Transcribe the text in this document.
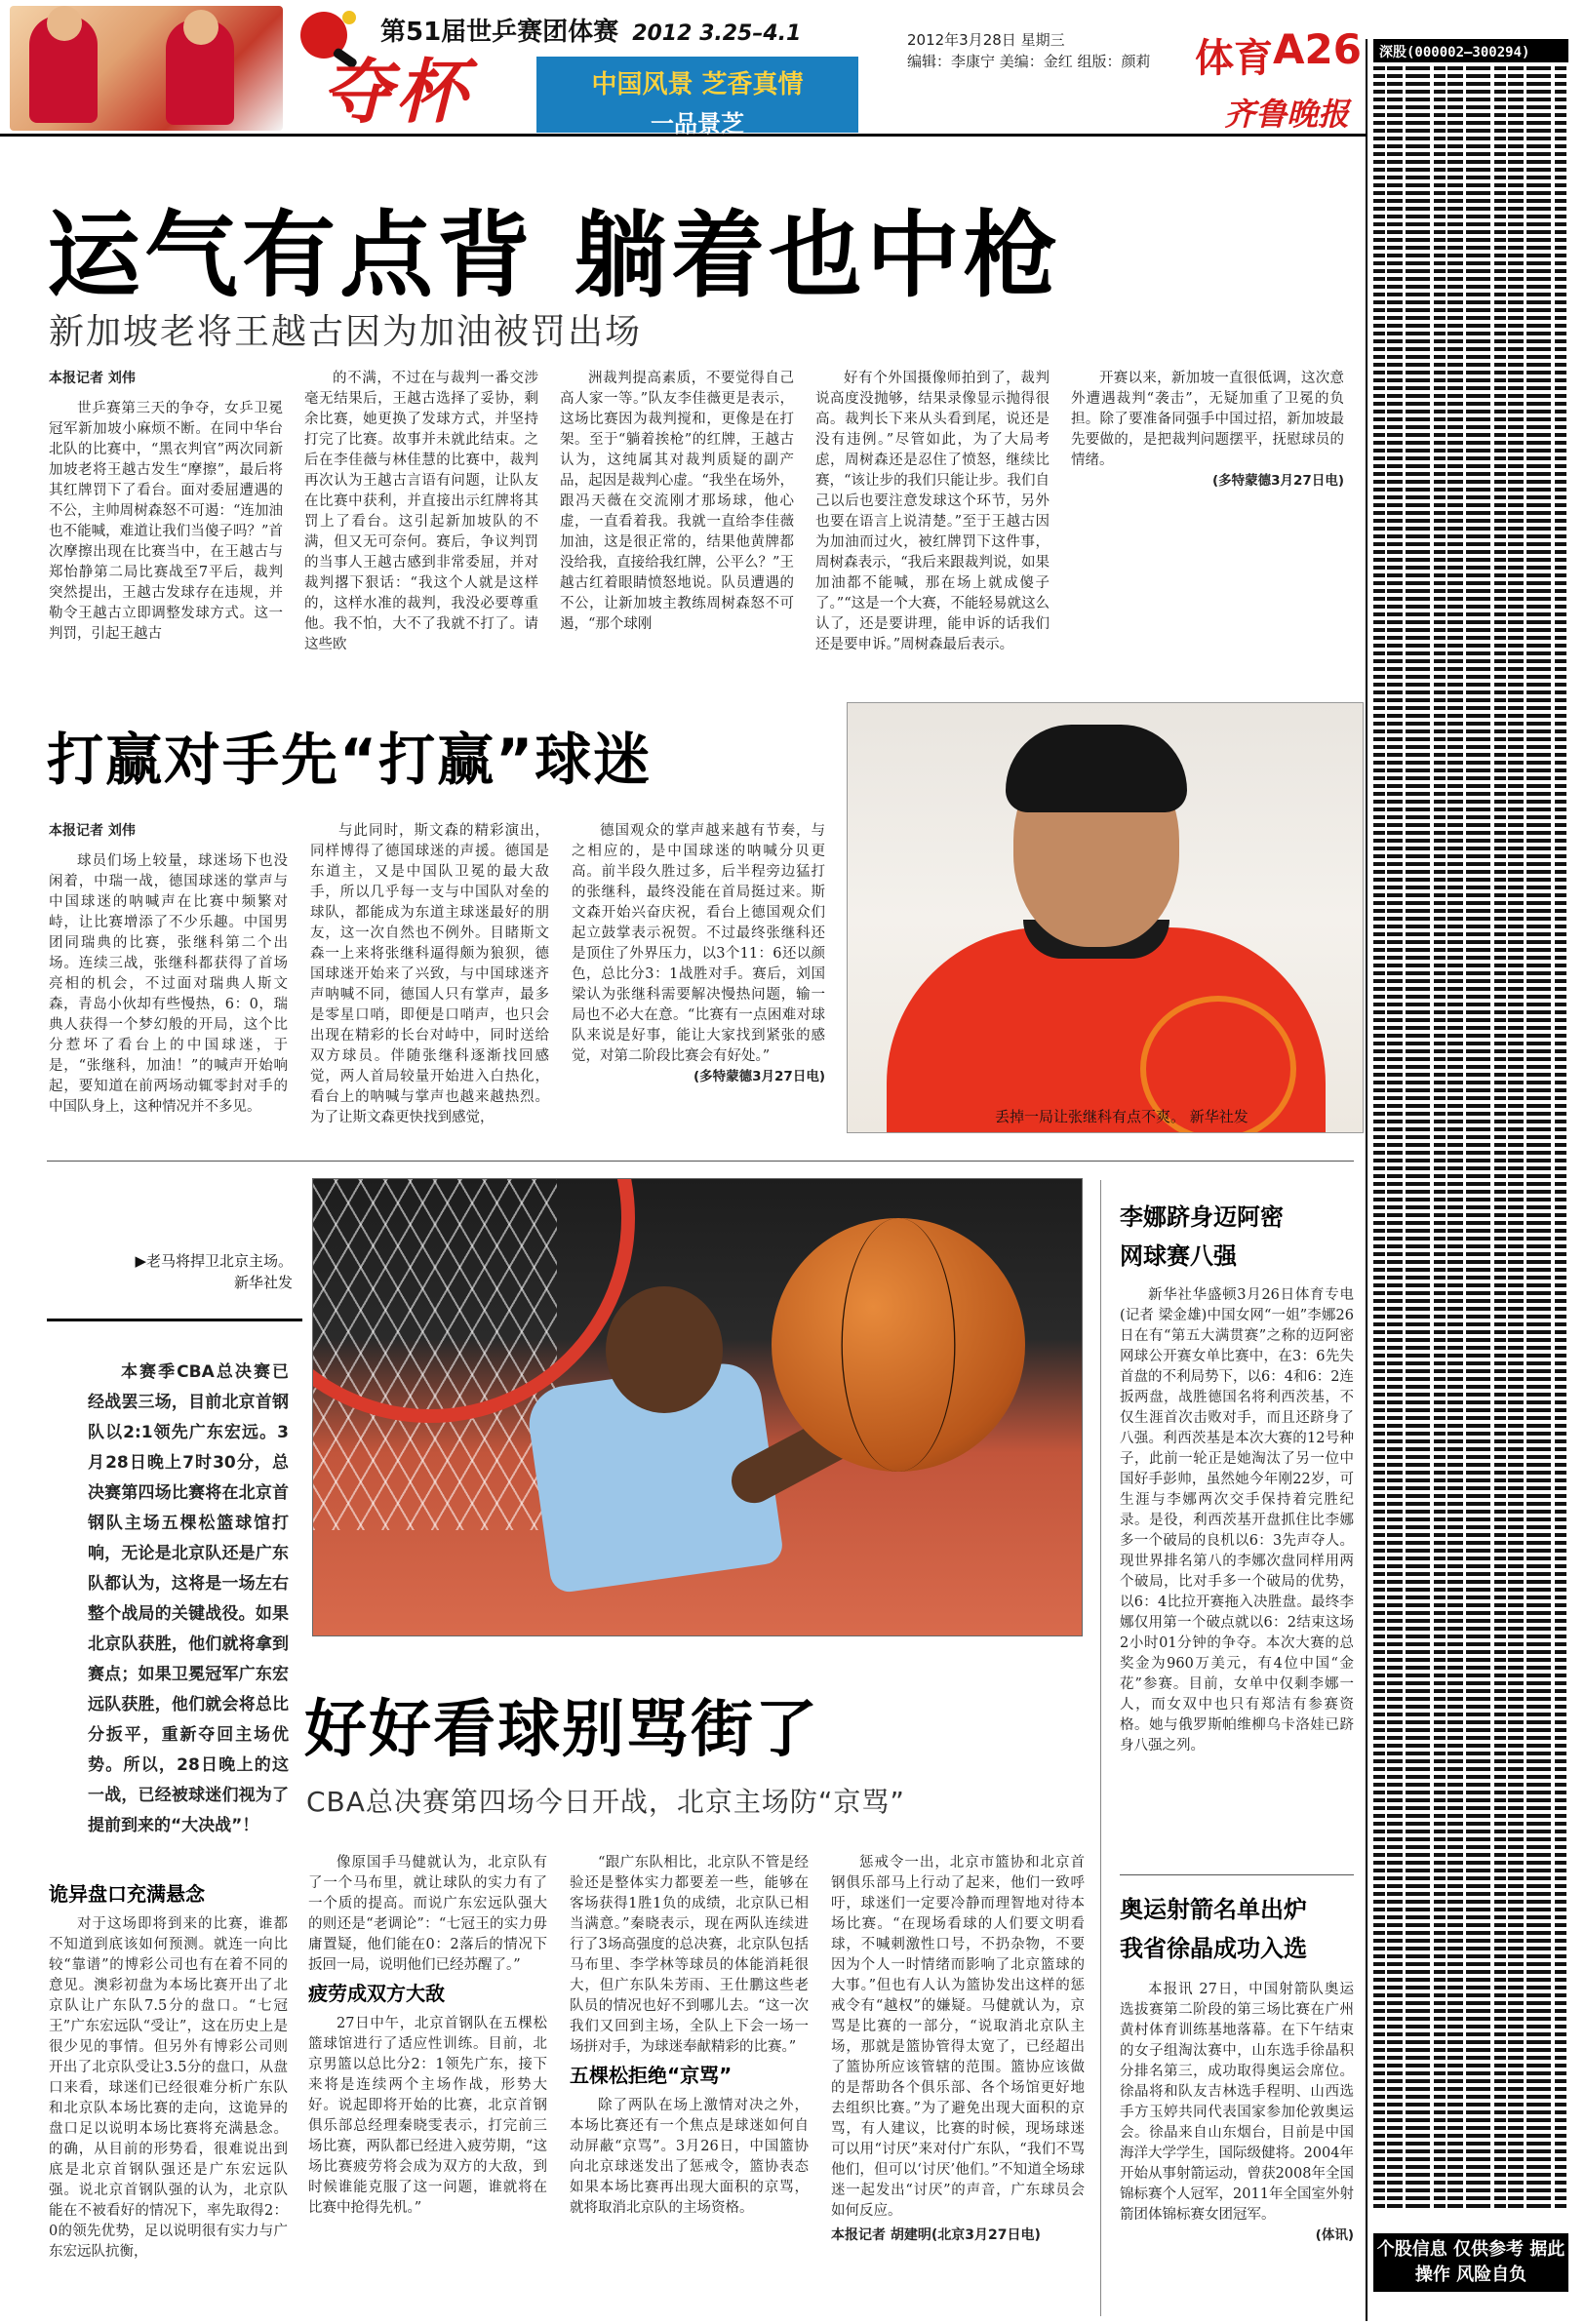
第51届世乒赛团体赛 2012 3.25–4.1
夺杯	中国风景 芝香真情
一品景芝
2012年3月28日 星期三
编辑：李康宁 美编：金红 组版：颜莉 体育 A26
齐鲁晚报
深股(000002–300294)
个股信息 仅供参考 据此操作 风险自负
运气有点背 躺着也中枪
新加坡老将王越古因为加油被罚出场
本报记者 刘伟

世乒赛第三天的争夺，女乒卫冕冠军新加坡小麻烦不断。在同中华台北队的比赛中，“黑衣判官”两次同新加坡老将王越古发生“摩擦”，最后将其红牌罚下了看台。面对委屈遭遇的不公，主帅周树森怒不可遏：“连加油也不能喊，难道让我们当傻子吗？”首次摩擦出现在比赛当中，在王越古与郑怡静第二局比赛战至7平后，裁判突然提出，王越古发球存在违规，并勒令王越古立即调整发球方式。这一判罚，引起王越古

的不满，不过在与裁判一番交涉毫无结果后，王越古选择了妥协，剩余比赛，她更换了发球方式，并坚持打完了比赛。故事并未就此结束。之后在李佳薇与林佳慧的比赛中，裁判再次认为王越古言语有问题，让队友在比赛中获利，并直接出示红牌将其罚上了看台。这引起新加坡队的不满，但又无可奈何。赛后，争议判罚的当事人王越古感到非常委屈，并对裁判撂下狠话：“我这个人就是这样的，这样水准的裁判，我没必要尊重他。我不怕，大不了我就不打了。请这些欧

洲裁判提高素质，不要觉得自己高人家一等。”队友李佳薇更是表示，这场比赛因为裁判搅和，更像是在打架。至于“躺着挨枪”的红牌，王越古认为，这纯属其对裁判质疑的副产品，起因是裁判心虚。“我坐在场外，跟冯天薇在交流刚才那场球，他心虚，一直看着我。我就一直给李佳薇加油，这是很正常的，结果他黄牌都没给我，直接给我红牌，公平么？”王越古红着眼睛愤怒地说。队员遭遇的不公，让新加坡主教练周树森怒不可遏，“那个球刚

好有个外国摄像师拍到了，裁判说高度没抛够，结果录像显示抛得很高。裁判长下来从头看到尾，说还是没有违例。”尽管如此，为了大局考虑，周树森还是忍住了愤怒，继续比赛，“该让步的我们只能让步。我们自己以后也要注意发球这个环节，另外也要在语言上说清楚。”至于王越古因为加油而过火，被红牌罚下这件事，周树森表示，“我后来跟裁判说，如果加油都不能喊，那在场上就成傻子了。”“这是一个大赛，不能轻易就这么认了，还是要讲理，能申诉的话我们还是要申诉。”周树森最后表示。

开赛以来，新加坡一直很低调，这次意外遭遇裁判“袭击”，无疑加重了卫冕的负担。除了要准备同强手中国过招，新加坡最先要做的，是把裁判问题摆平，抚慰球员的情绪。

(多特蒙德3月27日电)
打赢对手先“打赢”球迷
本报记者 刘伟

球员们场上较量，球迷场下也没闲着，中瑞一战，德国球迷的掌声与中国球迷的呐喊声在比赛中频繁对峙，让比赛增添了不少乐趣。中国男团同瑞典的比赛，张继科第二个出场。连续三战，张继科都获得了首场亮相的机会，不过面对瑞典人斯文森，青岛小伙却有些慢热，6：0，瑞典人获得一个梦幻般的开局，这个比分惹坏了看台上的中国球迷，于是，“张继科，加油！”的喊声开始响起，要知道在前两场动辄零封对手的中国队身上，这种情况并不多见。

与此同时，斯文森的精彩演出，同样博得了德国球迷的声援。德国是东道主，又是中国队卫冕的最大敌手，所以几乎每一支与中国队对垒的球队，都能成为东道主球迷最好的朋友，这一次自然也不例外。目睹斯文森一上来将张继科逼得颇为狼狈，德国球迷开始来了兴致，与中国球迷齐声呐喊不同，德国人只有掌声，最多是零星口哨，即便是口哨声，也只会出现在精彩的长台对峙中，同时送给双方球员。伴随张继科逐渐找回感觉，两人首局较量开始进入白热化，看台上的呐喊与掌声也越来越热烈。为了让斯文森更快找到感觉，

德国观众的掌声越来越有节奏，与之相应的，是中国球迷的呐喊分贝更高。前半段久胜过多，后半程旁边猛打的张继科，最终没能在首局挺过来。斯文森开始兴奋庆祝，看台上德国观众们起立鼓掌表示祝贺。不过最终张继科还是顶住了外界压力，以3个11：6还以颜色，总比分3：1战胜对手。赛后，刘国梁认为张继科需要解决慢热问题，输一局也不必大在意。“比赛有一点困难对球队来说是好事，能让大家找到紧张的感觉，对第二阶段比赛会有好处。”

(多特蒙德3月27日电)
丢掉一局让张继科有点不爽。 新华社发
▶老马将捍卫北京主场。
新华社发

本赛季CBA总决赛已经战罢三场，目前北京首钢队以2:1领先广东宏远。3月28日晚上7时30分，总决赛第四场比赛将在北京首钢队主场五棵松篮球馆打响，无论是北京队还是广东队都认为，这将是一场左右整个战局的关键战役。如果北京队获胜，他们就将拿到赛点；如果卫冕冠军广东宏远队获胜，他们就会将总比分扳平，重新夺回主场优势。所以，28日晚上的这一战，已经被球迷们视为了提前到来的“大决战”！

好好看球别骂街了
CBA总决赛第四场今日开战，北京主场防“京骂”
诡异盘口充满悬念

对于这场即将到来的比赛，谁都不知道到底该如何预测。就连一向比较“靠谱”的博彩公司也有在着不同的意见。澳彩初盘为本场比赛开出了北京队让广东队7.5分的盘口。“七冠王”广东宏远队“受让”，这在历史上是很少见的事情。但另外有博彩公司则开出了北京队受让3.5分的盘口，从盘口来看，球迷们已经很难分析广东队和北京队本场比赛的走向，这诡异的盘口足以说明本场比赛将充满悬念。的确，从目前的形势看，很难说出到底是北京首钢队强还是广东宏远队强。说北京首钢队强的认为，北京队能在不被看好的情况下，率先取得2：0的领先优势，足以说明很有实力与广东宏远队抗衡，

像原国手马健就认为，北京队有了一个马布里，就让球队的实力有了一个质的提高。而说广东宏远队强大的则还是“老调论”：“七冠王的实力毋庸置疑，他们能在0：2落后的情况下扳回一局，说明他们已经苏醒了。”

疲劳成双方大敌

27日中午，北京首钢队在五棵松篮球馆进行了适应性训练。目前，北京男篮以总比分2：1领先广东，接下来将是连续两个主场作战，形势大好。说起即将开始的比赛，北京首钢俱乐部总经理秦晓雯表示，打完前三场比赛，两队都已经进入疲劳期，“这场比赛疲劳将会成为双方的大敌，到时候谁能克服了这一问题，谁就将在比赛中抢得先机。”

“跟广东队相比，北京队不管是经验还是整体实力都要差一些，能够在客场获得1胜1负的成绩，北京队已相当满意。”秦晓表示，现在两队连续进行了3场高强度的总决赛，北京队包括马布里、李学林等球员的体能消耗很大，但广东队朱芳雨、王仕鹏这些老队员的情况也好不到哪儿去。“这一次我们又回到主场，全队上下会一场一场拼对手，为球迷奉献精彩的比赛。”

五棵松拒绝“京骂”

除了两队在场上激情对决之外，本场比赛还有一个焦点是球迷如何自动屏蔽“京骂”。3月26日，中国篮协向北京球迷发出了惩戒令，篮协表态如果本场比赛再出现大面积的京骂，就将取消北京队的主场资格。

惩戒令一出，北京市篮协和北京首钢俱乐部马上行动了起来，他们一致呼吁，球迷们一定要冷静而理智地对待本场比赛。“在现场看球的人们要文明看球，不喊刺激性口号，不扔杂物，不要因为个人一时情绪而影响了北京篮球的大事。”但也有人认为篮协发出这样的惩戒令有“越权”的嫌疑。马健就认为，京骂是比赛的一部分，“说取消北京队主场，那就是篮协管得太宽了，已经超出了篮协所应该管辖的范围。篮协应该做的是帮助各个俱乐部、各个场馆更好地去组织比赛。”为了避免出现大面积的京骂，有人建议，比赛的时候，现场球迷可以用“讨厌”来对付广东队，“我们不骂他们，但可以‘讨厌’他们。”不知道全场球迷一起发出“讨厌”的声音，广东球员会如何反应。

本报记者 胡建明(北京3月27日电)
李娜跻身迈阿密
网球赛八强

新华社华盛顿3月26日体育专电(记者 梁金雄)中国女网“一姐”李娜26日在有“第五大满贯赛”之称的迈阿密网球公开赛女单比赛中，在3：6先失首盘的不利局势下，以6：4和6：2连扳两盘，战胜德国名将利西茨基，不仅生涯首次击败对手，而且还跻身了八强。利西茨基是本次大赛的12号种子，此前一轮正是她淘汰了另一位中国好手彭帅，虽然她今年刚22岁，可生涯与李娜两次交手保持着完胜纪录。是役，利西茨基开盘抓住比李娜多一个破局的良机以6：3先声夺人。现世界排名第八的李娜次盘同样用两个破局，比对手多一个破局的优势，以6：4比拉开赛拖入决胜盘。最终李娜仅用第一个破点就以6：2结束这场2小时01分钟的争夺。本次大赛的总奖金为960万美元，有4位中国“金花”参赛。目前，女单中仅剩李娜一人，而女双中也只有郑洁有参赛资格。她与俄罗斯帕维柳乌卡洛娃已跻身八强之列。

奥运射箭名单出炉
我省徐晶成功入选

本报讯 27日，中国射箭队奥运选拔赛第二阶段的第三场比赛在广州黄村体育训练基地落幕。在下午结束的女子组淘汰赛中，山东选手徐晶积分排名第三，成功取得奥运会席位。徐晶将和队友吉林选手程明、山西选手方玉婷共同代表国家参加伦敦奥运会。徐晶来自山东烟台，目前是中国海洋大学学生，国际级健将。2004年开始从事射箭运动，曾获2008年全国锦标赛个人冠军，2011年全国室外射箭团体锦标赛女团冠军。

(体讯)
